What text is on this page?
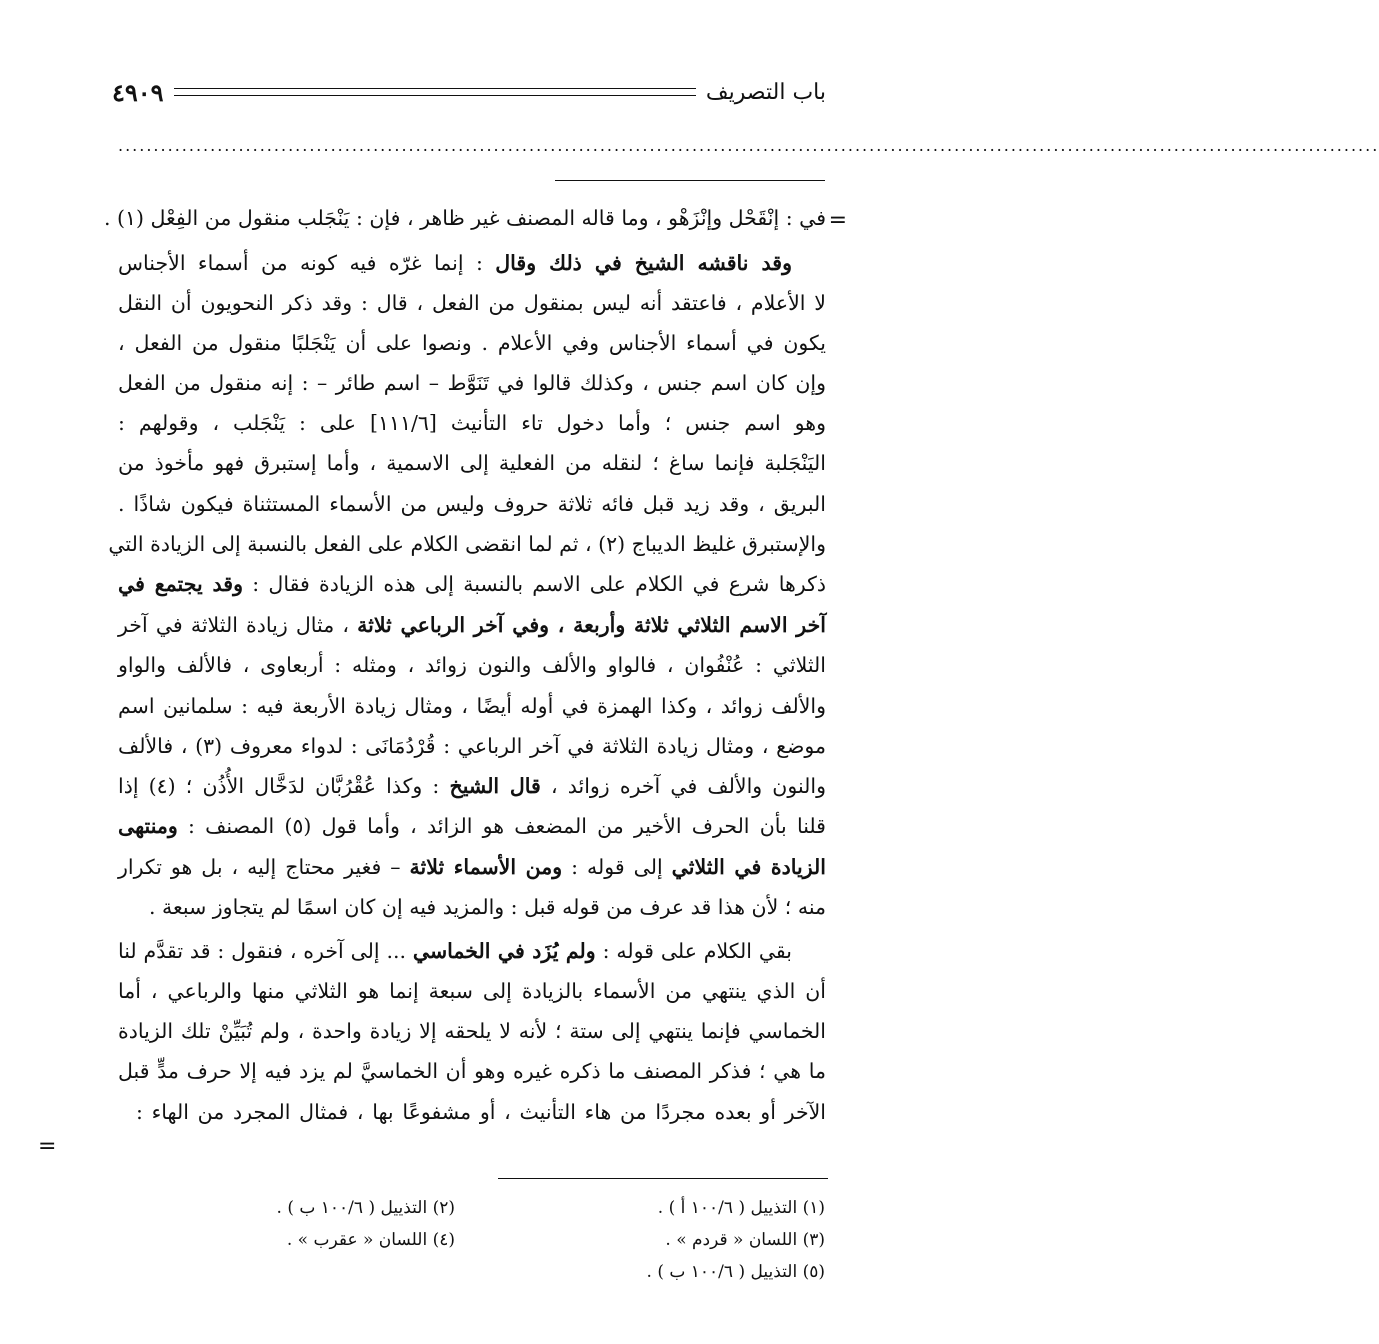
باب التصريف
٤٩٠٩
..................................................................................................................................................................................
=
في : إنْقَحْل وإنْزَهْو ، وما قاله المصنف غير ظاهر ، فإن : يَنْجَلب منقول من الفِعْل (١) .
وقد ناقشه الشيخ في ذلك وقال : إنما غرّه فيه كونه من أسماء الأجناس
لا الأعلام ، فاعتقد أنه ليس بمنقول من الفعل ، قال : وقد ذكر النحويون أن النقل
يكون في أسماء الأجناس وفي الأعلام . ونصوا على أن يَنْجَلبًا منقول من الفعل ،
وإن كان اسم جنس ، وكذلك قالوا في تَنَوَّط – اسم طائر – : إنه منقول من الفعل
وهو اسم جنس ؛ وأما دخول تاء التأنيث [١١١/٦] على : يَنْجَلب ، وقولهم :
اليَنْجَلبة فإنما ساغ ؛ لنقله من الفعلية إلى الاسمية ، وأما إستبرق فهو مأخوذ من
البريق ، وقد زيد قبل فائه ثلاثة حروف وليس من الأسماء المستثناة فيكون شاذًا .
والإستبرق غليظ الديباج (٢) ، ثم لما انقضى الكلام على الفعل بالنسبة إلى الزيادة التي
ذكرها شرع في الكلام على الاسم بالنسبة إلى هذه الزيادة فقال : وقد يجتمع في
آخر الاسم الثلاثي ثلاثة وأربعة ، وفي آخر الرباعي ثلاثة ، مثال زيادة الثلاثة في آخر
الثلاثي : عُنْفُوان ، فالواو والألف والنون زوائد ، ومثله : أربعاوى ، فالألف والواو
والألف زوائد ، وكذا الهمزة في أوله أيضًا ، ومثال زيادة الأربعة فيه : سلمانين اسم
موضع ، ومثال زيادة الثلاثة في آخر الرباعي : قُرْدُمَانَى : لدواء معروف (٣) ، فالألف
والنون والألف في آخره زوائد ، قال الشيخ : وكذا عُقْرُبَّان لدَخَّال الأُذُن ؛ (٤) إذا
قلنا بأن الحرف الأخير من المضعف هو الزائد ، وأما قول (٥) المصنف : ومنتهى
الزيادة في الثلاثي إلى قوله : ومن الأسماء ثلاثة – فغير محتاج إليه ، بل هو تكرار
منه ؛ لأن هذا قد عرف من قوله قبل : والمزيد فيه إن كان اسمًا لم يتجاوز سبعة .
بقي الكلام على قوله : ولم يُزَد في الخماسي ... إلى آخره ، فنقول : قد تقدَّم لنا
أن الذي ينتهي من الأسماء بالزيادة إلى سبعة إنما هو الثلاثي منها والرباعي ، أما
الخماسي فإنما ينتهي إلى ستة ؛ لأنه لا يلحقه إلا زيادة واحدة ، ولم تُبَيِّنْ تلك الزيادة
ما هي ؛ فذكر المصنف ما ذكره غيره وهو أن الخماسيَّ لم يزد فيه إلا حرف مدٍّ قبل
الآخر أو بعده مجردًا من هاء التأنيث ، أو مشفوعًا بها ، فمثال المجرد من الهاء :
=
(١) التذييل ( ١٠٠/٦ أ ) .
(٢) التذييل ( ١٠٠/٦ ب ) .
(٣) اللسان « قردم » .
(٤) اللسان « عقرب » .
(٥) التذييل ( ١٠٠/٦ ب ) .
